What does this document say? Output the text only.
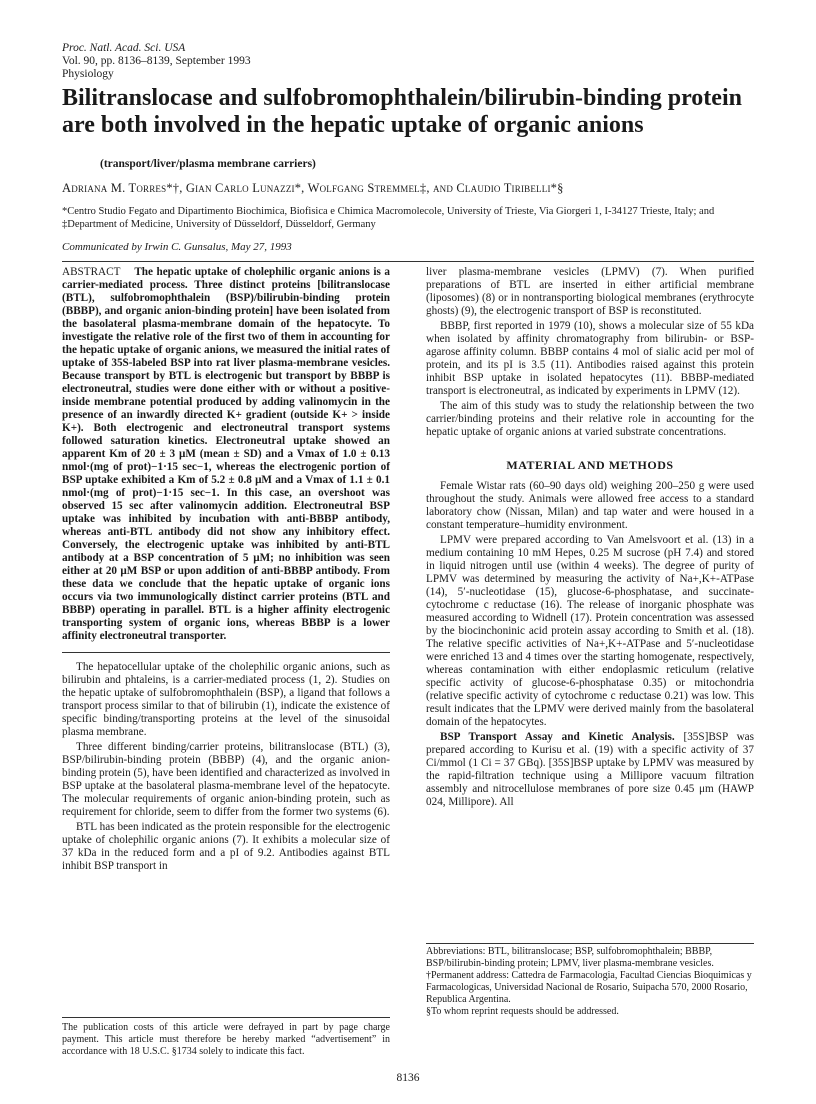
Proc. Natl. Acad. Sci. USA
Vol. 90, pp. 8136–8139, September 1993
Physiology
Bilitranslocase and sulfobromophthalein/bilirubin-binding protein are both involved in the hepatic uptake of organic anions
(transport/liver/plasma membrane carriers)
Adriana M. Torres*†, Gian Carlo Lunazzi*, Wolfgang Stremmel‡, and Claudio Tiribelli*§
*Centro Studio Fegato and Dipartimento Biochimica, Biofisica e Chimica Macromolecole, University of Trieste, Via Giorgeri 1, I-34127 Trieste, Italy; and ‡Department of Medicine, University of Düsseldorf, Düsseldorf, Germany
Communicated by Irwin C. Gunsalus, May 27, 1993

ABSTRACT The hepatic uptake of cholephilic organic anions is a carrier-mediated process. Three distinct proteins [bilitranslocase (BTL), sulfobromophthalein (BSP)/bilirubin-binding protein (BBBP), and organic anion-binding protein] have been isolated from the basolateral plasma-membrane domain of the hepatocyte. To investigate the relative role of the first two of them in accounting for the hepatic uptake of organic anions, we measured the initial rates of uptake of 35S-labeled BSP into rat liver plasma-membrane vesicles. Because transport by BTL is electrogenic but transport by BBBP is electroneutral, studies were done either with or without a positive-inside membrane potential produced by adding valinomycin in the presence of an inwardly directed K+ gradient (outside K+ > inside K+). Both electrogenic and electroneutral transport systems followed saturation kinetics. Electroneutral uptake showed an apparent Km of 20 ± 3 μM (mean ± SD) and a Vmax of 1.0 ± 0.13 nmol·(mg of prot)−1·15 sec−1, whereas the electrogenic portion of BSP uptake exhibited a Km of 5.2 ± 0.8 μM and a Vmax of 1.1 ± 0.1 nmol·(mg of prot)−1·15 sec−1. In this case, an overshoot was observed 15 sec after valinomycin addition. Electroneutral BSP uptake was inhibited by incubation with anti-BBBP antibody, whereas anti-BTL antibody did not show any inhibitory effect. Conversely, the electrogenic uptake was inhibited by anti-BTL antibody at a BSP concentration of 5 μM; no inhibition was seen either at 20 μM BSP or upon addition of anti-BBBP antibody. From these data we conclude that the hepatic uptake of organic ions occurs via two immunologically distinct carrier proteins (BTL and BBBP) operating in parallel. BTL is a higher affinity electrogenic transporting system of organic ions, whereas BBBP is a lower affinity electroneutral transporter.

The hepatocellular uptake of the cholephilic organic anions, such as bilirubin and phtaleins, is a carrier-mediated process (1, 2). Studies on the hepatic uptake of sulfobromophthalein (BSP), a ligand that follows a transport process similar to that of bilirubin (1), indicate the existence of specific binding/transporting proteins at the level of the sinusoidal plasma membrane.

Three different binding/carrier proteins, bilitranslocase (BTL) (3), BSP/bilirubin-binding protein (BBBP) (4), and the organic anion-binding protein (5), have been identified and characterized as involved in BSP uptake at the basolateral plasma-membrane level of the hepatocyte. The molecular requirements of organic anion-binding protein, such as requirement for chloride, seem to differ from the former two systems (6).

BTL has been indicated as the protein responsible for the electrogenic uptake of cholephilic organic anions (7). It exhibits a molecular size of 37 kDa in the reduced form and a pI of 9.2. Antibodies against BTL inhibit BSP transport in

The publication costs of this article were defrayed in part by page charge payment. This article must therefore be hereby marked “advertisement” in accordance with 18 U.S.C. §1734 solely to indicate this fact.

liver plasma-membrane vesicles (LPMV) (7). When purified preparations of BTL are inserted in either artificial membrane (liposomes) (8) or in nontransporting biological membranes (erythrocyte ghosts) (9), the electrogenic transport of BSP is reconstituted.

BBBP, first reported in 1979 (10), shows a molecular size of 55 kDa when isolated by affinity chromatography from bilirubin- or BSP-agarose affinity column. BBBP contains 4 mol of sialic acid per mol of protein, and its pI is 3.5 (11). Antibodies raised against this protein inhibit BSP uptake in isolated hepatocytes (11). BBBP-mediated transport is electroneutral, as indicated by experiments in LPMV (12).

The aim of this study was to study the relationship between the two carrier/binding proteins and their relative role in accounting for the hepatic uptake of organic anions at varied substrate concentrations.

MATERIAL AND METHODS

Female Wistar rats (60–90 days old) weighing 200–250 g were used throughout the study. Animals were allowed free access to a standard laboratory chow (Nissan, Milan) and tap water and were housed in a constant temperature–humidity environment.

LPMV were prepared according to Van Amelsvoort et al. (13) in a medium containing 10 mM Hepes, 0.25 M sucrose (pH 7.4) and stored in liquid nitrogen until use (within 4 weeks). The degree of purity of LPMV was determined by measuring the activity of Na+,K+-ATPase (14), 5′-nucleotidase (15), glucose-6-phosphatase, and succinate-cytochrome c reductase (16). The release of inorganic phosphate was measured according to Widnell (17). Protein concentration was assessed by the biocinchoninic acid protein assay according to Smith et al. (18). The relative specific activities of Na+,K+-ATPase and 5′-nucleotidase were enriched 13 and 4 times over the starting homogenate, respectively, whereas contamination with either endoplasmic reticulum (relative specific activity of glucose-6-phosphatase 0.35) or mitochondria (relative specific activity of cytochrome c reductase 0.21) was low. This result indicates that the LPMV were derived mainly from the basolateral domain of the hepatocytes.

BSP Transport Assay and Kinetic Analysis. [35S]BSP was prepared according to Kurisu et al. (19) with a specific activity of 37 Ci/mmol (1 Ci = 37 GBq). [35S]BSP uptake by LPMV was measured by the rapid-filtration technique using a Millipore vacuum filtration assembly and nitrocellulose membranes of pore size 0.45 μm (HAWP 024, Millipore). All

Abbreviations: BTL, bilitranslocase; BSP, sulfobromophthalein; BBBP, BSP/bilirubin-binding protein; LPMV, liver plasma-membrane vesicles.

†Permanent address: Cattedra de Farmacologia, Facultad Ciencias Bioquimicas y Farmacologicas, Universidad Nacional de Rosario, Suipacha 570, 2000 Rosario, Republica Argentina.

§To whom reprint requests should be addressed.

8136
